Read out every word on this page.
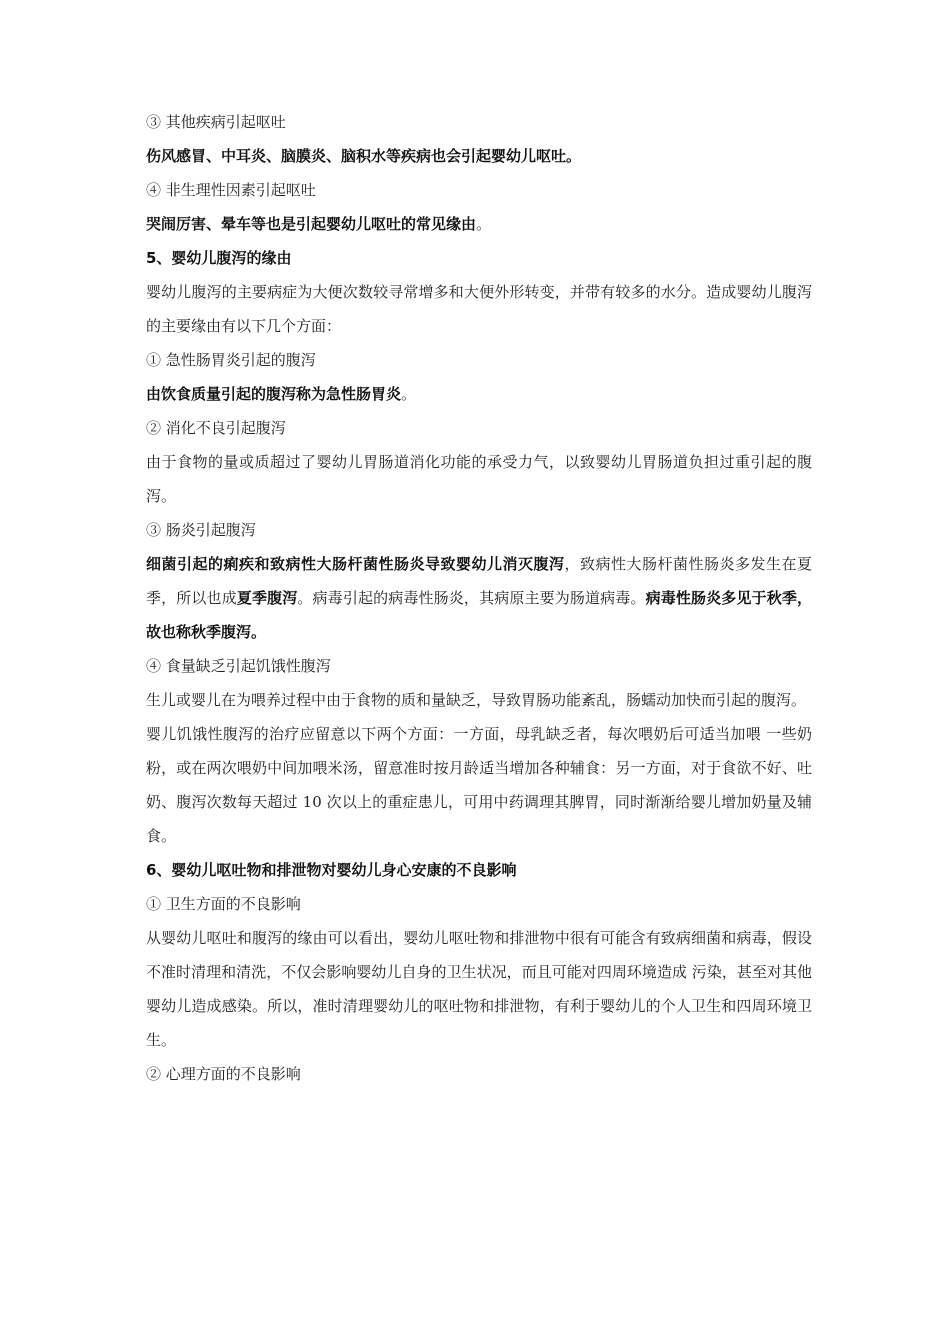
③ 其他疾病引起呕吐
伤风感冒、中耳炎、脑膜炎、脑积水等疾病也会引起婴幼儿呕吐。
④ 非生理性因素引起呕吐
哭闹厉害、晕车等也是引起婴幼儿呕吐的常见缘由。
5、婴幼儿腹泻的缘由
婴幼儿腹泻的主要病症为大便次数较寻常增多和大便外形转变，并带有较多的水分。造成婴幼儿腹泻的主要缘由有以下几个方面：
① 急性肠胃炎引起的腹泻
由饮食质量引起的腹泻称为急性肠胃炎。
② 消化不良引起腹泻
由于食物的量或质超过了婴幼儿胃肠道消化功能的承受力气，以致婴幼儿胃肠道负担过重引起的腹泻。
③ 肠炎引起腹泻
细菌引起的痢疾和致病性大肠杆菌性肠炎导致婴幼儿消灭腹泻，致病性大肠杆菌性肠炎多发生在夏季，所以也成夏季腹泻。病毒引起的病毒性肠炎，其病原主要为肠道病毒。病毒性肠炎多见于秋季，故也称秋季腹泻。
④ 食量缺乏引起饥饿性腹泻
生儿或婴儿在为喂养过程中由于食物的质和量缺乏，导致胃肠功能紊乱，肠蠕动加快而引起的腹泻。
婴儿饥饿性腹泻的治疗应留意以下两个方面：一方面，母乳缺乏者，每次喂奶后可适当加喂 一些奶粉，或在两次喂奶中间加喂米汤，留意准时按月龄适当增加各种辅食：另一方面，对于食欲不好、吐奶、腹泻次数每天超过 10 次以上的重症患儿，可用中药调理其脾胃，同时渐渐给婴儿增加奶量及辅食。
6、婴幼儿呕吐物和排泄物对婴幼儿身心安康的不良影响
① 卫生方面的不良影响
从婴幼儿呕吐和腹泻的缘由可以看出，婴幼儿呕吐物和排泄物中很有可能含有致病细菌和病毒，假设不准时清理和清洗，不仅会影响婴幼儿自身的卫生状况，而且可能对四周环境造成 污染，甚至对其他婴幼儿造成感染。所以，准时清理婴幼儿的呕吐物和排泄物，有利于婴幼儿的个人卫生和四周环境卫生。
② 心理方面的不良影响
